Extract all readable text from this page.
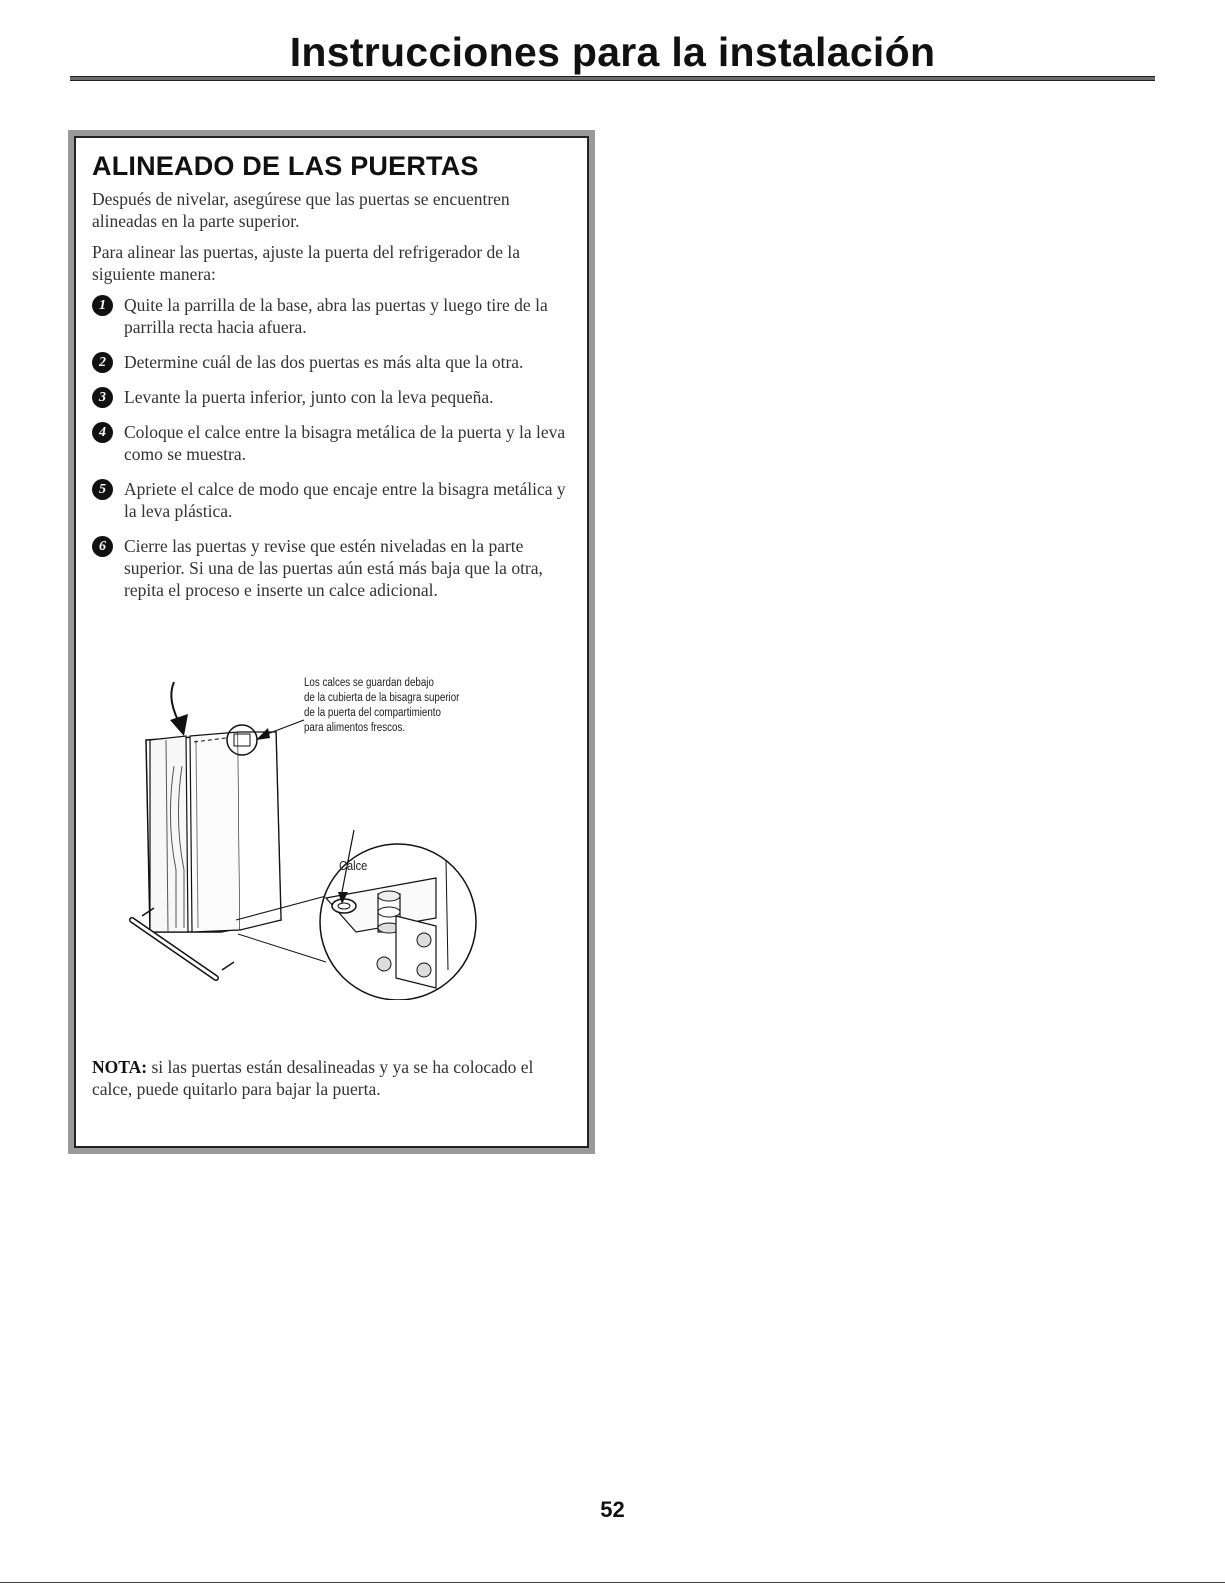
Instrucciones para la instalación
ALINEADO DE LAS PUERTAS

Después de nivelar, asegúrese que las puertas se encuentren alineadas en la parte superior.

Para alinear las puertas, ajuste la puerta del refrigerador de la siguiente manera:

1	Quite la parrilla de la base, abra las puertas y luego tire de la parrilla recta hacia afuera.
2	Determine cuál de las dos puertas es más alta que la otra.
3	Levante la puerta inferior, junto con la leva pequeña.
4	Coloque el calce entre la bisagra metálica de la puerta y la leva como se muestra.
5	Apriete el calce de modo que encaje entre la bisagra metálica y la leva plástica.
6	Cierre las puertas y revise que estén niveladas en la parte superior. Si una de las puertas aún está más baja que la otra, repita el proceso e inserte un calce adicional.
Los calces se guardan debajo
de la cubierta de la bisagra superior
de la puerta del compartimiento
para alimentos frescos.
Calce

NOTA: si las puertas están desalineadas y ya se ha colocado el calce, puede quitarlo para bajar la puerta.

52
